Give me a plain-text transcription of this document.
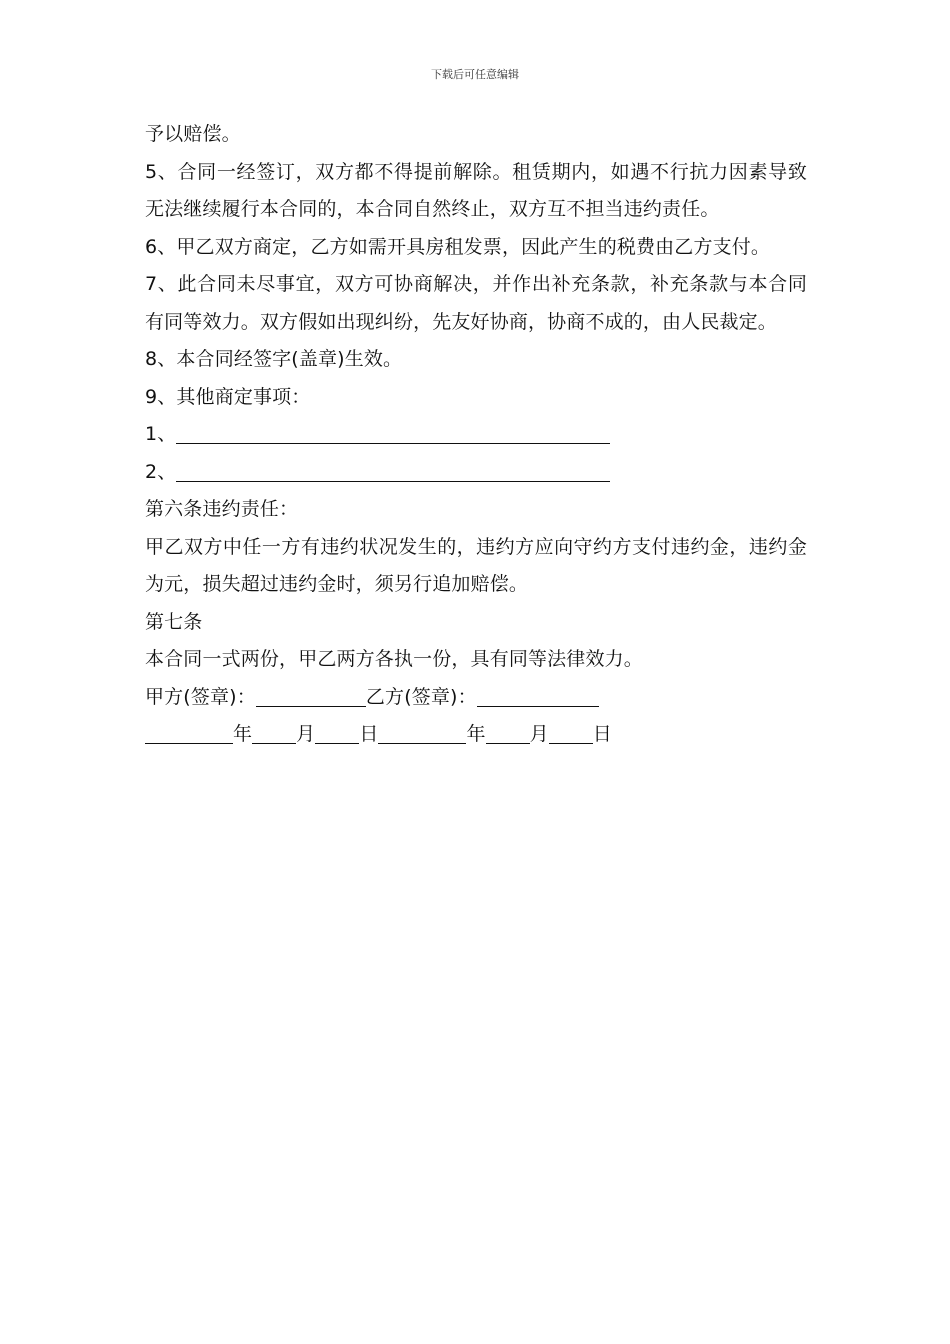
下载后可任意编辑

予以赔偿。

5、合同一经签订，双方都不得提前解除。租赁期内，如遇不行抗力因素导致无法继续履行本合同的，本合同自然终止，双方互不担当违约责任。

6、甲乙双方商定，乙方如需开具房租发票，因此产生的税费由乙方支付。

7、此合同未尽事宜，双方可协商解决，并作出补充条款，补充条款与本合同有同等效力。双方假如出现纠纷，先友好协商，协商不成的，由人民裁定。

8、本合同经签字(盖章)生效。

9、其他商定事项：

1、

2、

第六条违约责任：

甲乙双方中任一方有违约状况发生的，违约方应向守约方支付违约金，违约金为元，损失超过违约金时，须另行追加赔偿。

第七条

本合同一式两份，甲乙两方各执一份，具有同等法律效力。

甲方(签章)：	乙方(签章)：

年 月 日	年 月 日
